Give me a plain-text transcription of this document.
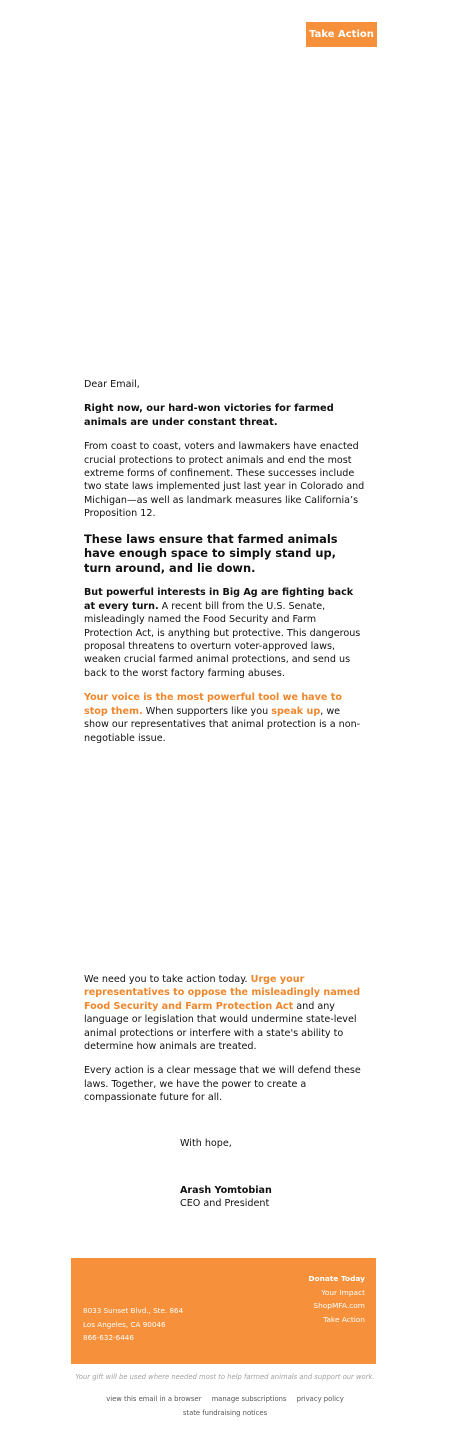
Take Action

Dear Email,

Right now, our hard-won victories for farmed animals are under constant threat.

From coast to coast, voters and lawmakers have enacted crucial protections to protect animals and end the most extreme forms of confinement. These successes include two state laws implemented just last year in Colorado and Michigan—as well as landmark measures like California’s Proposition 12.

These laws ensure that farmed animals have enough space to simply stand up, turn around, and lie down.

But powerful interests in Big Ag are fighting back at every turn. A recent bill from the U.S. Senate, misleadingly named the Food Security and Farm Protection Act, is anything but protective. This dangerous proposal threatens to overturn voter-approved laws, weaken crucial farmed animal protections, and send us back to the worst factory farming abuses.

Your voice is the most powerful tool we have to stop them. When supporters like you speak up, we show our representatives that animal protection is a non-negotiable issue.

We need you to take action today. Urge your representatives to oppose the misleadingly named Food Security and Farm Protection Act and any language or legislation that would undermine state-level animal protections or interfere with a state's ability to determine how animals are treated.

Every action is a clear message that we will defend these laws. Together, we have the power to create a compassionate future for all.

With hope,
Arash Yomtobian
CEO and President
Donate Today
Your Impact
ShopMFA.com
Take Action
8033 Sunset Blvd., Ste. 864
Los Angeles, CA 90046
866-632-6446
Your gift will be used where needed most to help farmed animals and support our work.
view this email in a browser manage subscriptions privacy policy
state fundraising notices
